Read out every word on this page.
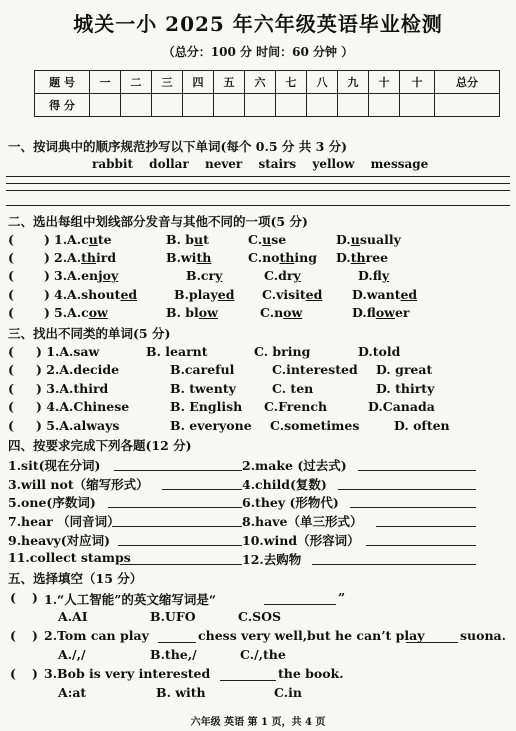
城关一小 2025 年六年级英语毕业检测
（总分：100 分 时间：60 分钟 ）
题 号	一	二	三	四	五	六	七	八	九	十	十	总分
得 分												
一、按词典中的顺序规范抄写以下单词(每个 0.5 分 共 3 分)
rabbit dollar never stairs yellow message
二、选出每组中划线部分发音与其他不同的一项(5 分)
( ) 1.A.cute	B. but	C.use	D.usually
( ) 2.A.third	B.with	C.nothing D.three
( ) 3.A.enjoy	B.cry	C.dry	D.fly
( ) 4.A.shouted	B.played C.visited D.wanted
( ) 5.A.cow	B. blow	C.now	D.flower
三、找出不同类的单词(5 分)
( ) 1.A.saw	B. learnt	C. bring	D.told
( ) 2.A.decide	B.careful	C.interested D. great
( ) 3.A.third	B. twenty	C. ten	D. thirty
( ) 4.A.Chinese	B. English C.French	D.Canada
( ) 5.A.always	B. everyone C.sometimes	D. often
四、按要求完成下列各题(12 分)
1.sit(现在分词)	2.make (过去式)
3.will not（缩写形式）	4.child(复数)
5.one(序数词)	6.they (形物代)
7.hear （同音词）	8.have（单三形式）
9.heavy(对应词)	10.wind（形容词）
11.collect stamps	12.去购物
五、选择填空（15 分）
( ) 1.“人工智能”的英文缩写词是“	”
A.AI	B.UFO	C.SOS
( ) 2.Tom can play	chess very well,but he can’t play	suona.
A./,/	B.the,/	C./,the
( ) 3.Bob is very interested	the book.
A:at	B. with	C.in
六年级 英语 第 1 页，共 4 页
